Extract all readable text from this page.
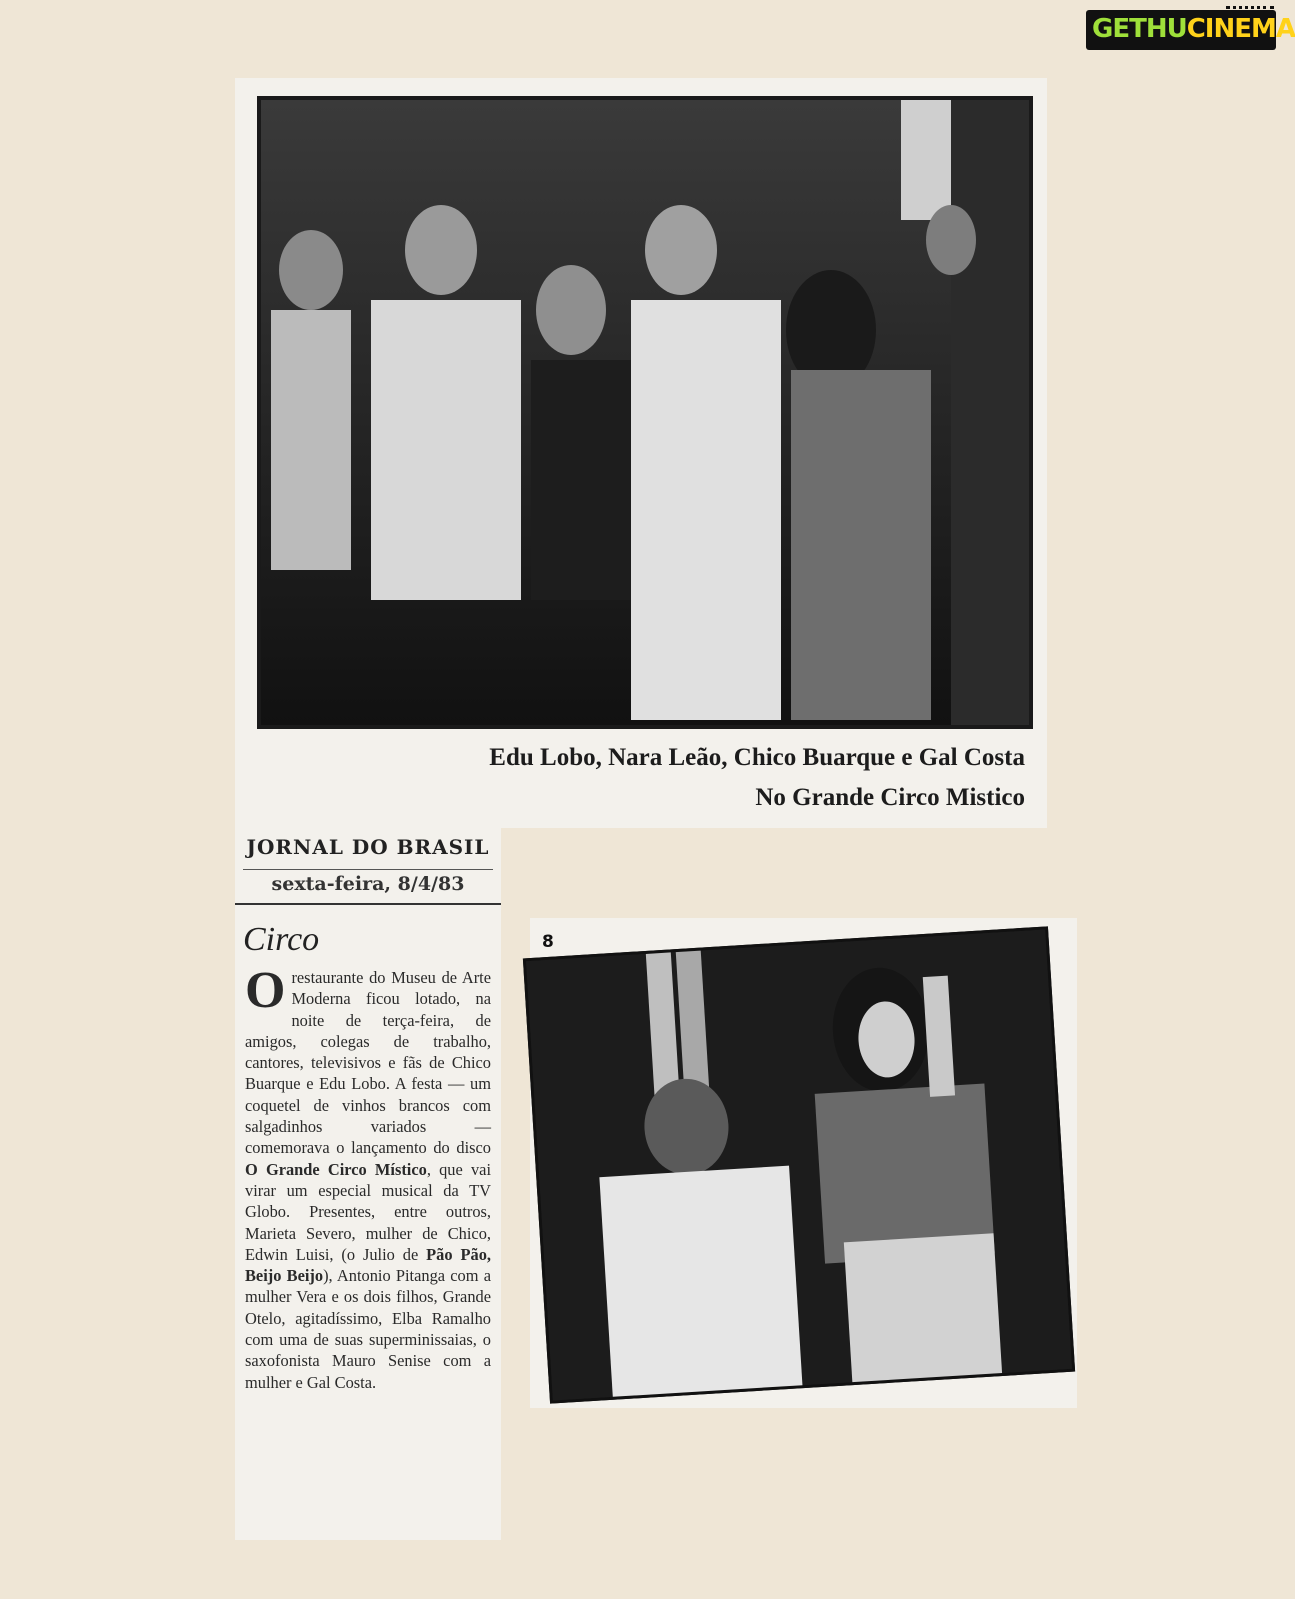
GETHUCINEMA
Edu Lobo, Nara Leão, Chico Buarque e Gal Costa
No Grande Circo Mistico
JORNAL DO BRASIL
sexta-feira, 8/4/83
Circo
O restaurante do Museu de Arte Moderna ficou lotado, na noite de terça-feira, de amigos, colegas de trabalho, cantores, televisivos e fãs de Chico Buarque e Edu Lobo. A festa — um coquetel de vinhos brancos com salgadinhos variados — comemorava o lançamento do disco O Grande Circo Místico, que vai virar um especial musical da TV Globo. Presentes, entre outros, Marieta Severo, mulher de Chico, Edwin Luisi, (o Julio de Pão Pão, Beijo Beijo), Antonio Pitanga com a mulher Vera e os dois filhos, Grande Otelo, agitadíssimo, Elba Ramalho com uma de suas superminissaias, o saxofonista Mauro Senise com a mulher e Gal Costa.
8
